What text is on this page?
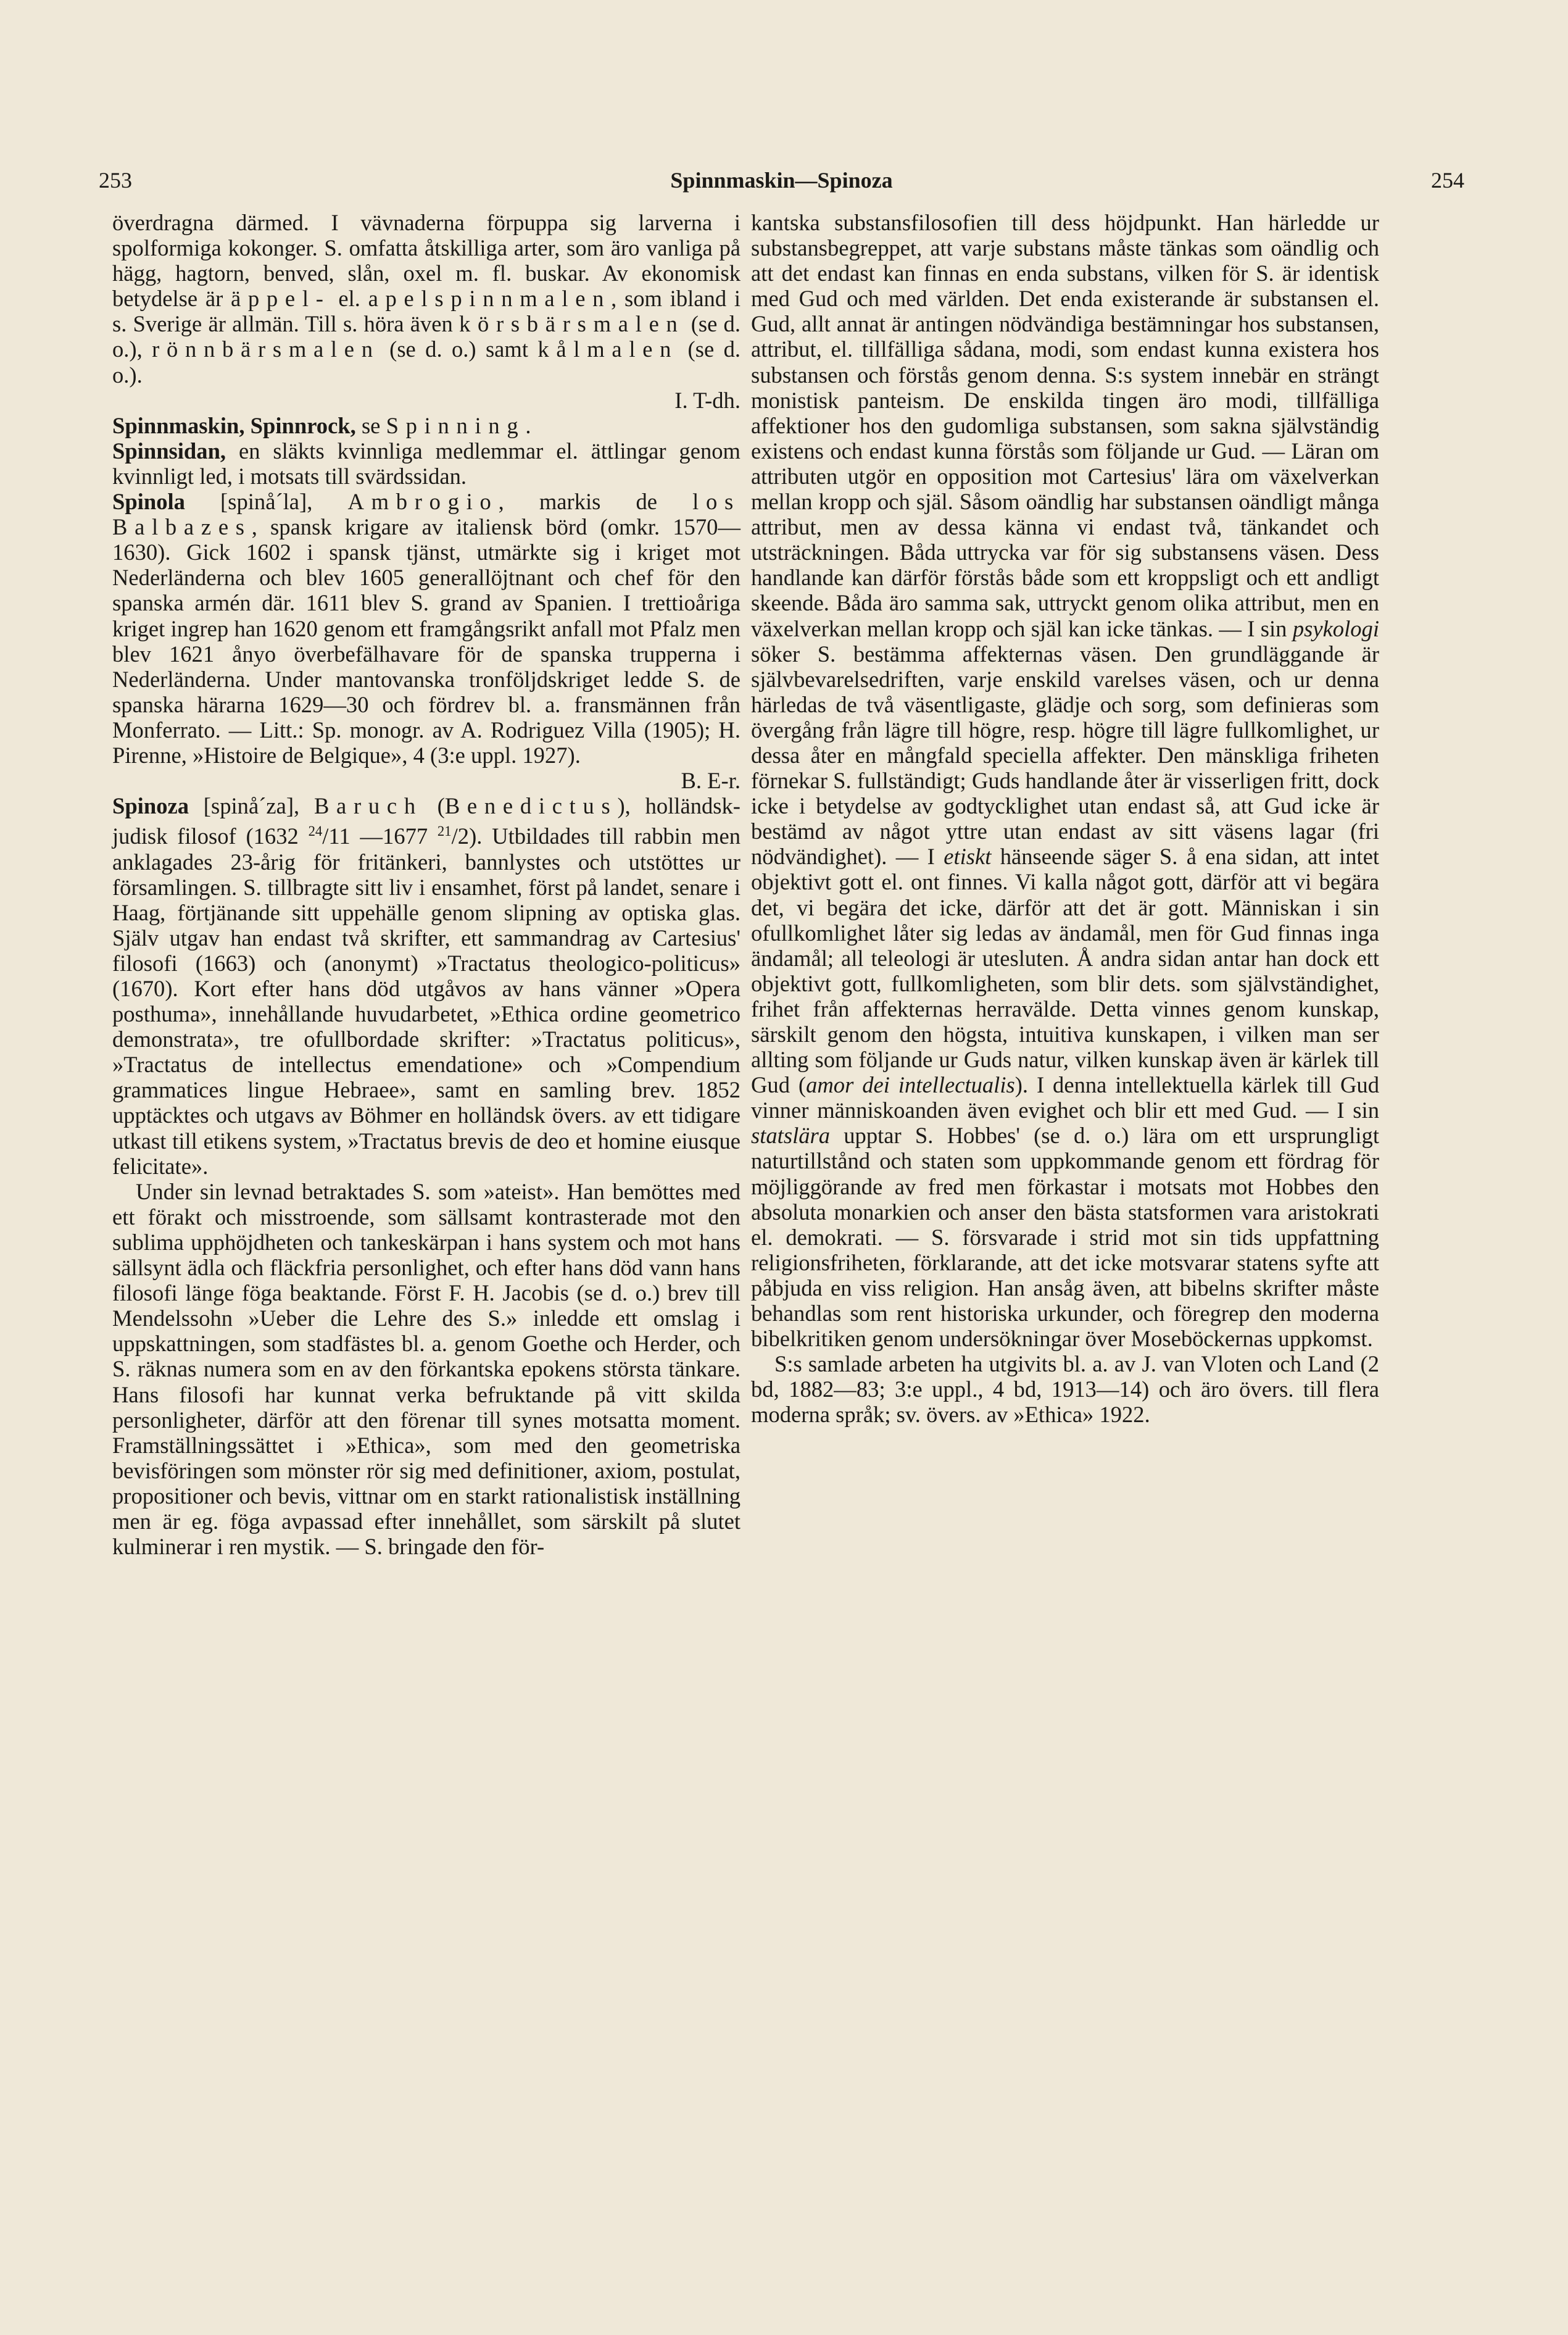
253	Spinnmaskin—Spinoza	254

överdragna därmed. I vävnaderna förpuppa sig larverna i spolformiga kokonger. S. omfatta åtskilliga arter, som äro vanliga på hägg, hagtorn, benved, slån, oxel m. fl. buskar. Av ekonomisk betydelse är äppel- el. apelspinnmalen, som ibland i s. Sverige är allmän. Till s. höra även körsbärsmalen (se d. o.), rönnbärsmalen (se d. o.) samt kålmalen (se d. o.).
I. T-dh.

Spinnmaskin, Spinnrock, se Spinning.

Spinnsidan, en släkts kvinnliga medlemmar el. ättlingar genom kvinnligt led, i motsats till svärdssidan.

Spinola [spinå´la], Ambrogio, markis de los Balbazes, spansk krigare av italiensk börd (omkr. 1570—1630). Gick 1602 i spansk tjänst, utmärkte sig i kriget mot Nederländerna och blev 1605 generallöjtnant och chef för den spanska armén där. 1611 blev S. grand av Spanien. I trettioåriga kriget ingrep han 1620 genom ett framgångsrikt anfall mot Pfalz men blev 1621 ånyo överbefälhavare för de spanska trupperna i Nederländerna. Under mantovanska tronföljdskriget ledde S. de spanska härarna 1629—30 och fördrev bl. a. fransmännen från Monferrato. — Litt.: Sp. monogr. av A. Rodriguez Villa (1905); H. Pirenne, »Histoire de Belgique», 4 (3:e uppl. 1927).
B. E-r.

Spinoza [spinå´za], Baruch (Benedictus), holländsk-judisk filosof (1632 $^{24}$/11 —1677 $^{21}$/2). Utbildades till rabbin men anklagades 23-årig för fritänkeri, bannlystes och utstöttes ur församlingen. S. tillbragte sitt liv i ensamhet, först på landet, senare i Haag, förtjänande sitt uppehälle genom slipning av optiska glas. Själv utgav han endast två skrifter, ett sammandrag av Cartesius' filosofi (1663) och (anonymt) »Tractatus theologico-politicus» (1670). Kort efter hans död utgåvos av hans vänner »Opera posthuma», innehållande huvudarbetet, »Ethica ordine geometrico demonstrata», tre ofullbordade skrifter: »Tractatus politicus», »Tractatus de intellectus emendatione» och »Compendium grammatices lingue Hebraee», samt en samling brev. 1852 upptäcktes och utgavs av Böhmer en holländsk övers. av ett tidigare utkast till etikens system, »Tractatus brevis de deo et homine eiusque felicitate».

Under sin levnad betraktades S. som »ateist». Han bemöttes med ett förakt och misstroende, som sällsamt kontrasterade mot den sublima upphöjdheten och tankeskärpan i hans system och mot hans sällsynt ädla och fläckfria personlighet, och efter hans död vann hans filosofi länge föga beaktande. Först F. H. Jacobis (se d. o.) brev till Mendelssohn »Ueber die Lehre des S.» inledde ett omslag i uppskattningen, som stadfästes bl. a. genom Goethe och Herder, och S. räknas numera som en av den förkantska epokens största tänkare. Hans filosofi har kunnat verka befruktande på vitt skilda personligheter, därför att den förenar till synes motsatta moment. Framställningssättet i »Ethica», som med den geometriska bevisföringen som mönster rör sig med definitioner, axiom, postulat, propositioner och bevis, vittnar om en starkt rationalistisk inställning men är eg. föga avpassad efter innehållet, som särskilt på slutet kulminerar i ren mystik. — S. bringade den för-

kantska substansfilosofien till dess höjdpunkt. Han härledde ur substansbegreppet, att varje substans måste tänkas som oändlig och att det endast kan finnas en enda substans, vilken för S. är identisk med Gud och med världen. Det enda existerande är substansen el. Gud, allt annat är antingen nödvändiga bestämningar hos substansen, attribut, el. tillfälliga sådana, modi, som endast kunna existera hos substansen och förstås genom denna. S:s system innebär en strängt monistisk panteism. De enskilda tingen äro modi, tillfälliga affektioner hos den gudomliga substansen, som sakna självständig existens och endast kunna förstås som följande ur Gud. — Läran om attributen utgör en opposition mot Cartesius' lära om växelverkan mellan kropp och själ. Såsom oändlig har substansen oändligt många attribut, men av dessa känna vi endast två, tänkandet och utsträckningen. Båda uttrycka var för sig substansens väsen. Dess handlande kan därför förstås både som ett kroppsligt och ett andligt skeende. Båda äro samma sak, uttryckt genom olika attribut, men en växelverkan mellan kropp och själ kan icke tänkas. — I sin psykologi söker S. bestämma affekternas väsen. Den grundläggande är självbevarelsedriften, varje enskild varelses väsen, och ur denna härledas de två väsentligaste, glädje och sorg, som definieras som övergång från lägre till högre, resp. högre till lägre fullkomlighet, ur dessa åter en mångfald speciella affekter. Den mänskliga friheten förnekar S. fullständigt; Guds handlande åter är visserligen fritt, dock icke i betydelse av godtycklighet utan endast så, att Gud icke är bestämd av något yttre utan endast av sitt väsens lagar (fri nödvändighet). — I etiskt hänseende säger S. å ena sidan, att intet objektivt gott el. ont finnes. Vi kalla något gott, därför att vi begära det, vi begära det icke, därför att det är gott. Människan i sin ofullkomlighet låter sig ledas av ändamål, men för Gud finnas inga ändamål; all teleologi är utesluten. Å andra sidan antar han dock ett objektivt gott, fullkomligheten, som blir dets. som självständighet, frihet från affekternas herravälde. Detta vinnes genom kunskap, särskilt genom den högsta, intuitiva kunskapen, i vilken man ser allting som följande ur Guds natur, vilken kunskap även är kärlek till Gud (amor dei intellectualis). I denna intellektuella kärlek till Gud vinner människoanden även evighet och blir ett med Gud. — I sin statslära upptar S. Hobbes' (se d. o.) lära om ett ursprungligt naturtillstånd och staten som uppkommande genom ett fördrag för möjliggörande av fred men förkastar i motsats mot Hobbes den absoluta monarkien och anser den bästa statsformen vara aristokrati el. demokrati. — S. försvarade i strid mot sin tids uppfattning religionsfriheten, förklarande, att det icke motsvarar statens syfte att påbjuda en viss religion. Han ansåg även, att bibelns skrifter måste behandlas som rent historiska urkunder, och föregrep den moderna bibelkritiken genom undersökningar över Moseböckernas uppkomst.

S:s samlade arbeten ha utgivits bl. a. av J. van Vloten och Land (2 bd, 1882—83; 3:e uppl., 4 bd, 1913—14) och äro övers. till flera moderna språk; sv. övers. av »Ethica» 1922.
